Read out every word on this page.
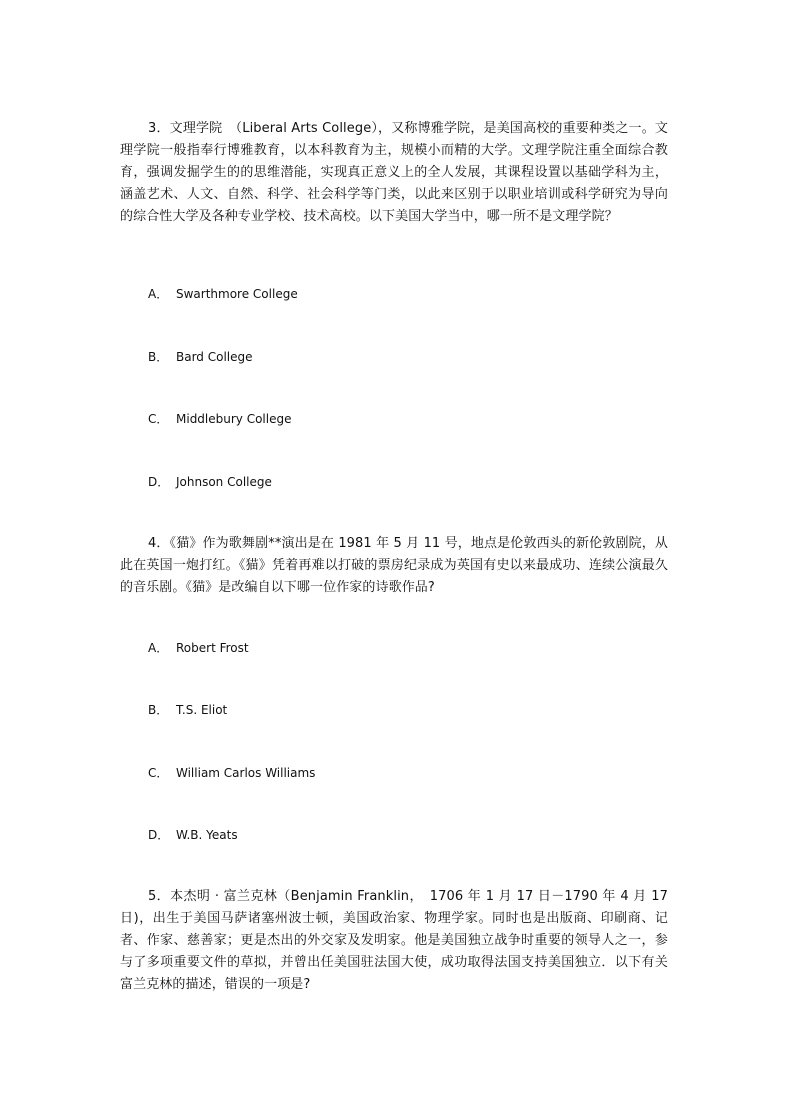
3．文理学院　（Liberal Arts College），又称博雅学院，是美国高校的重要种类之一。文理学院一般指奉行博雅教育，以本科教育为主，规模小而精的大学。文理学院注重全面综合教育，强调发掘学生的的思维潜能，实现真正意义上的全人发展，其课程设置以基础学科为主，涵盖艺术、人文、自然、科学、社会科学等门类，以此来区别于以职业培训或科学研究为导向的综合性大学及各种专业学校、技术高校。以下美国大学当中，哪一所不是文理学院？

A． Swarthmore College

B． Bard College

C． Middlebury College

D． Johnson College

4．《猫》作为歌舞剧**演出是在 1981 年 5 月 11 号，地点是伦敦西头的新伦敦剧院，从此在英国一炮打红。《猫》凭着再难以打破的票房纪录成为英国有史以来最成功、连续公演最久的音乐剧。《猫》是改编自以下哪一位作家的诗歌作品?

A． Robert Frost

B． T.S. Eliot

C． William Carlos Williams

D． W.B. Yeats

5．本杰明 · 富兰克林（Benjamin Franklin，　1706 年 1 月 17 日－1790 年 4 月 17 日)，出生于美国马萨诸塞州波士顿，美国政治家、物理学家。同时也是出版商、印刷商、记者、作家、慈善家；更是杰出的外交家及发明家。他是美国独立战争时重要的领导人之一，参与了多项重要文件的草拟，并曾出任美国驻法国大使，成功取得法国支持美国独立．以下有关富兰克林的描述，错误的一项是?
